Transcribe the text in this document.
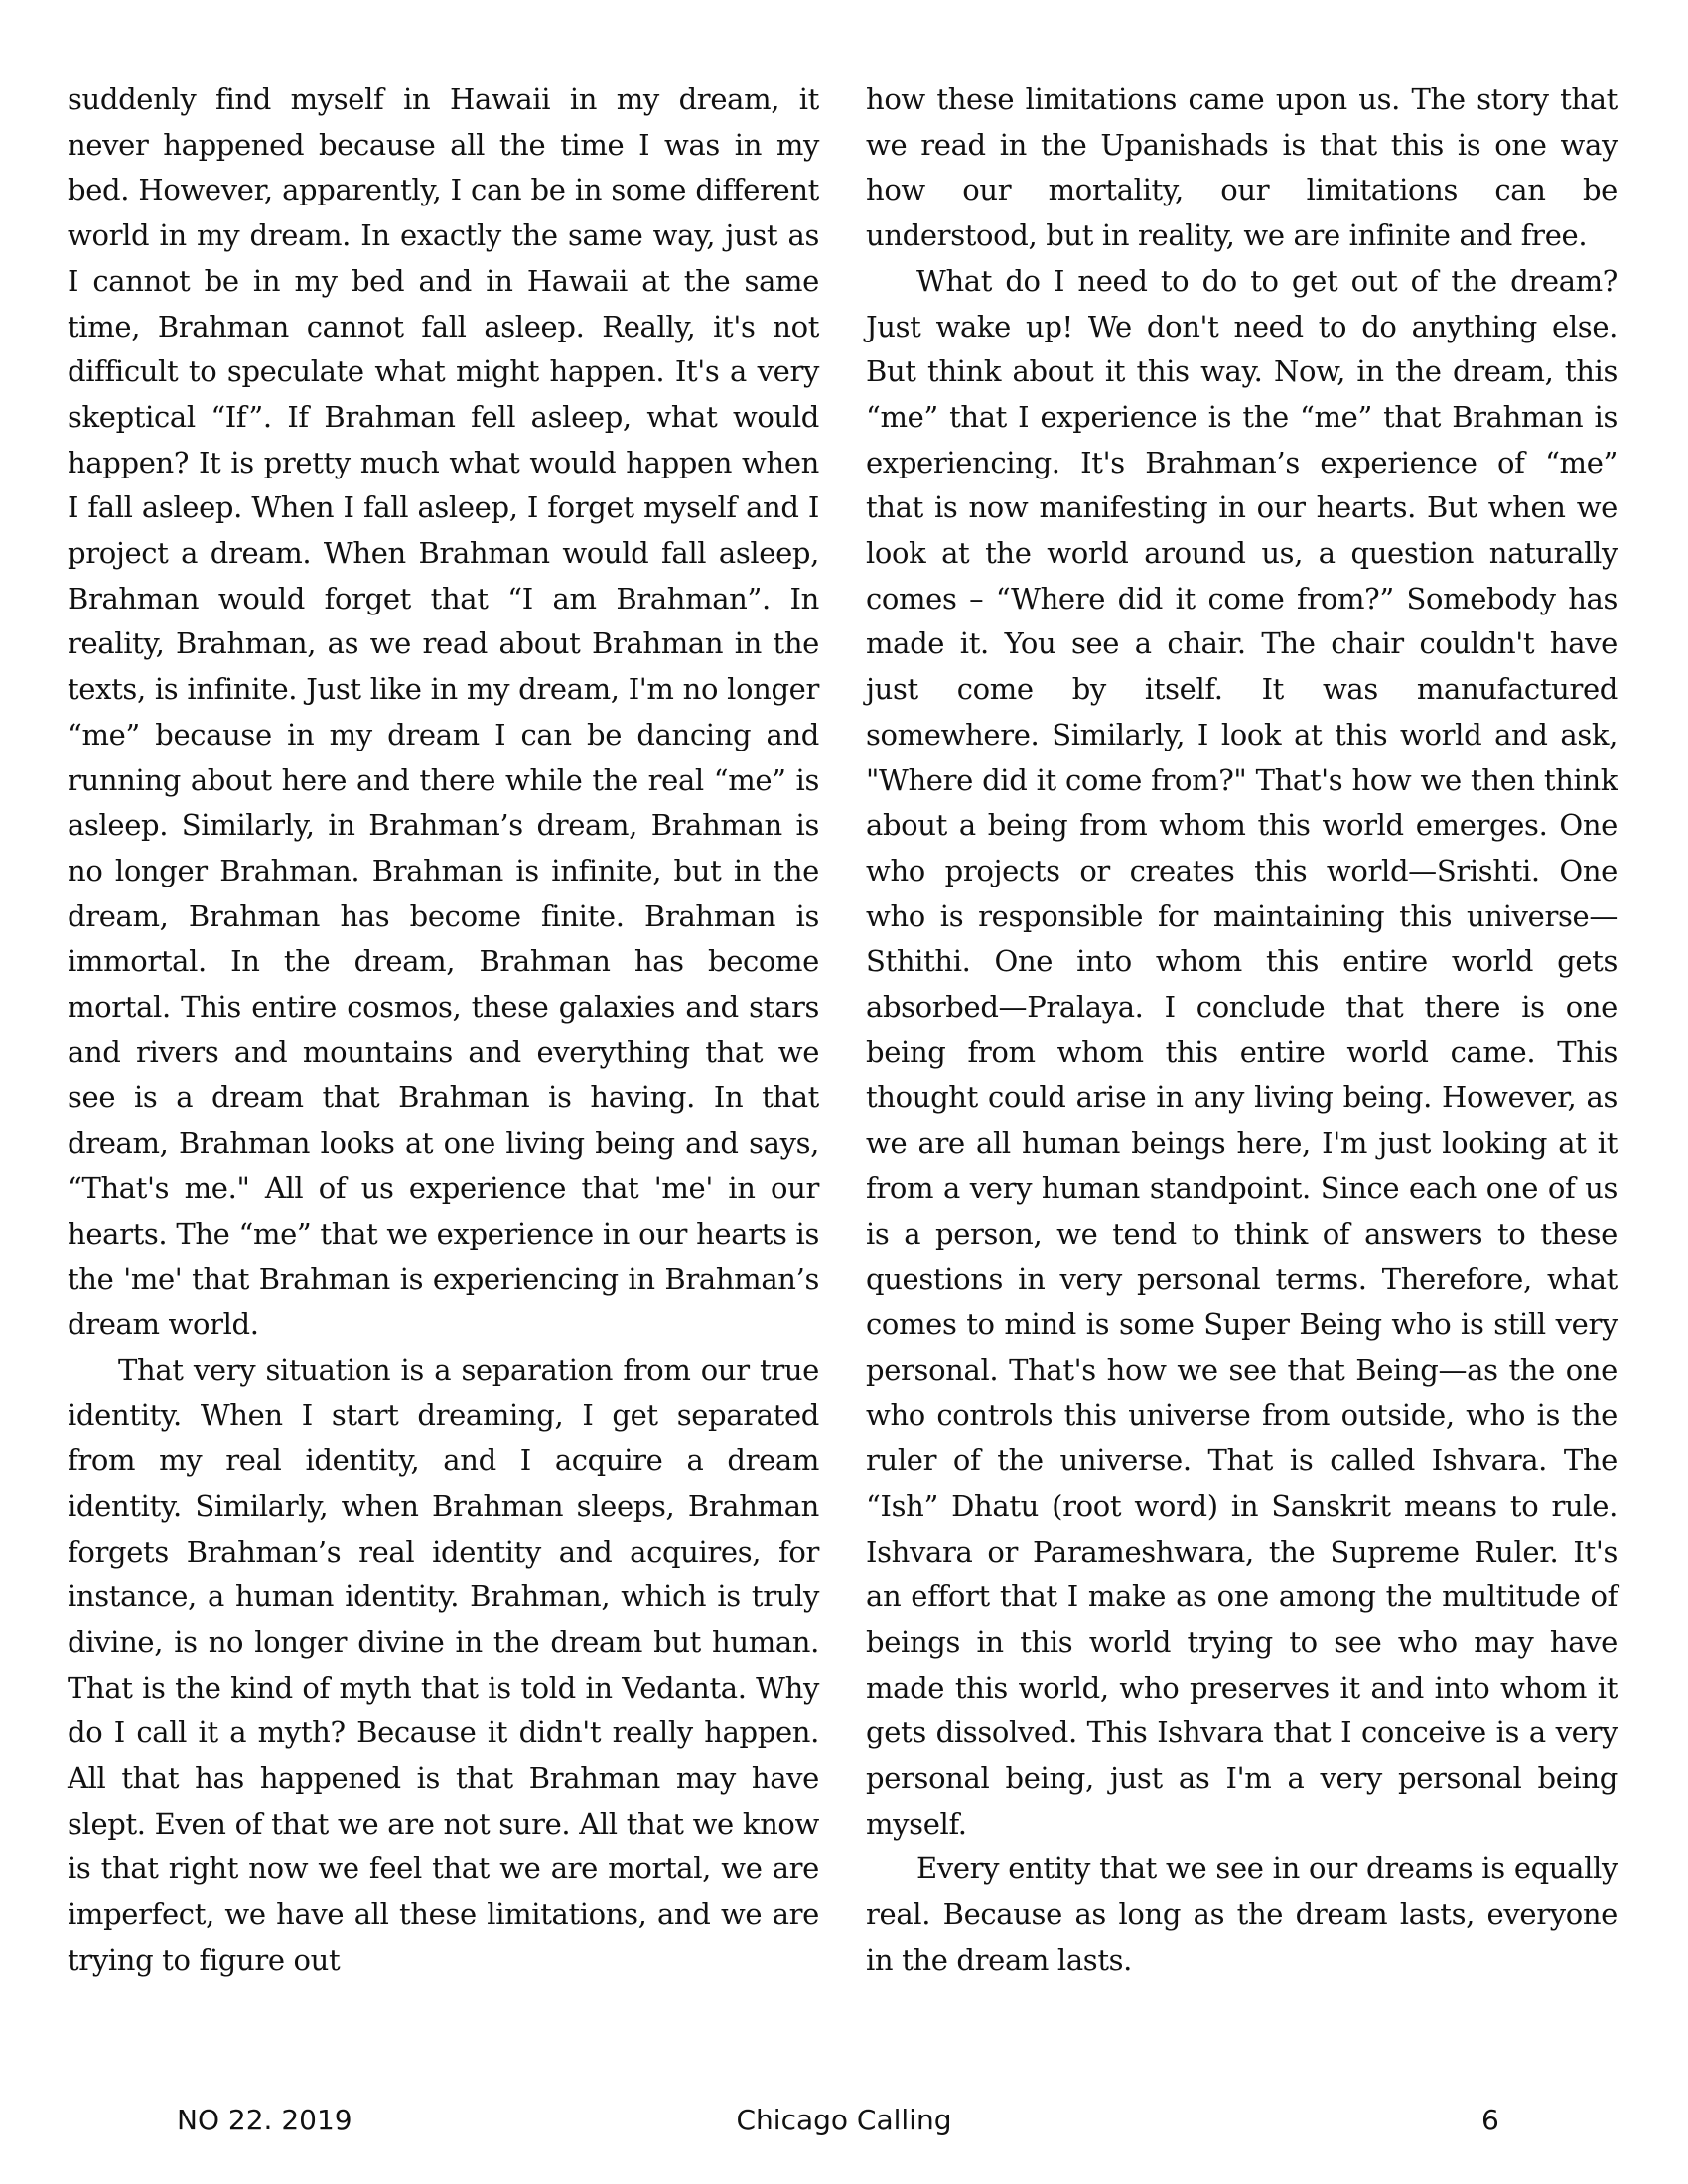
suddenly find myself in Hawaii in my dream, it never happened because all the time I was in my bed. However, apparently, I can be in some different world in my dream. In exactly the same way, just as I cannot be in my bed and in Hawaii at the same time, Brahman cannot fall asleep. Really, it's not difficult to speculate what might happen. It's a very skeptical “If”. If Brahman fell asleep, what would happen? It is pretty much what would happen when I fall asleep. When I fall asleep, I forget myself and I project a dream. When Brahman would fall asleep, Brahman would forget that “I am Brahman”. In reality, Brahman, as we read about Brahman in the texts, is infinite. Just like in my dream, I'm no longer “me” because in my dream I can be dancing and running about here and there while the real “me” is asleep. Similarly, in Brahman’s dream, Brahman is no longer Brahman. Brahman is infinite, but in the dream, Brahman has become finite. Brahman is immortal. In the dream, Brahman has become mortal. This entire cosmos, these galaxies and stars and rivers and mountains and everything that we see is a dream that Brahman is having. In that dream, Brahman looks at one living being and says, “That's me." All of us experience that 'me' in our hearts. The “me” that we experience in our hearts is the 'me' that Brahman is experiencing in Brahman’s dream world.

That very situation is a separation from our true identity. When I start dreaming, I get separated from my real identity, and I acquire a dream identity. Similarly, when Brahman sleeps, Brahman forgets Brahman’s real identity and acquires, for instance, a human identity. Brahman, which is truly divine, is no longer divine in the dream but human. That is the kind of myth that is told in Vedanta. Why do I call it a myth? Because it didn't really happen. All that has happened is that Brahman may have slept. Even of that we are not sure. All that we know is that right now we feel that we are mortal, we are imperfect, we have all these limitations, and we are trying to figure out

how these limitations came upon us. The story that we read in the Upanishads is that this is one way how our mortality, our limitations can be understood, but in reality, we are infinite and free.

What do I need to do to get out of the dream? Just wake up! We don't need to do anything else. But think about it this way. Now, in the dream, this “me” that I experience is the “me” that Brahman is experiencing. It's Brahman’s experience of “me” that is now manifesting in our hearts. But when we look at the world around us, a question naturally comes – “Where did it come from?” Somebody has made it. You see a chair. The chair couldn't have just come by itself. It was manufactured somewhere. Similarly, I look at this world and ask, "Where did it come from?" That's how we then think about a being from whom this world emerges. One who projects or creates this world—Srishti. One who is responsible for maintaining this universe—Sthithi. One into whom this entire world gets absorbed—Pralaya. I conclude that there is one being from whom this entire world came. This thought could arise in any living being. However, as we are all human beings here, I'm just looking at it from a very human standpoint. Since each one of us is a person, we tend to think of answers to these questions in very personal terms. Therefore, what comes to mind is some Super Being who is still very personal. That's how we see that Being—as the one who controls this universe from outside, who is the ruler of the universe. That is called Ishvara. The “Ish” Dhatu (root word) in Sanskrit means to rule. Ishvara or Parameshwara, the Supreme Ruler. It's an effort that I make as one among the multitude of beings in this world trying to see who may have made this world, who preserves it and into whom it gets dissolved. This Ishvara that I conceive is a very personal being, just as I'm a very personal being myself.

Every entity that we see in our dreams is equally real. Because as long as the dream lasts, everyone in the dream lasts.

NO 22. 2019	Chicago Calling	6
